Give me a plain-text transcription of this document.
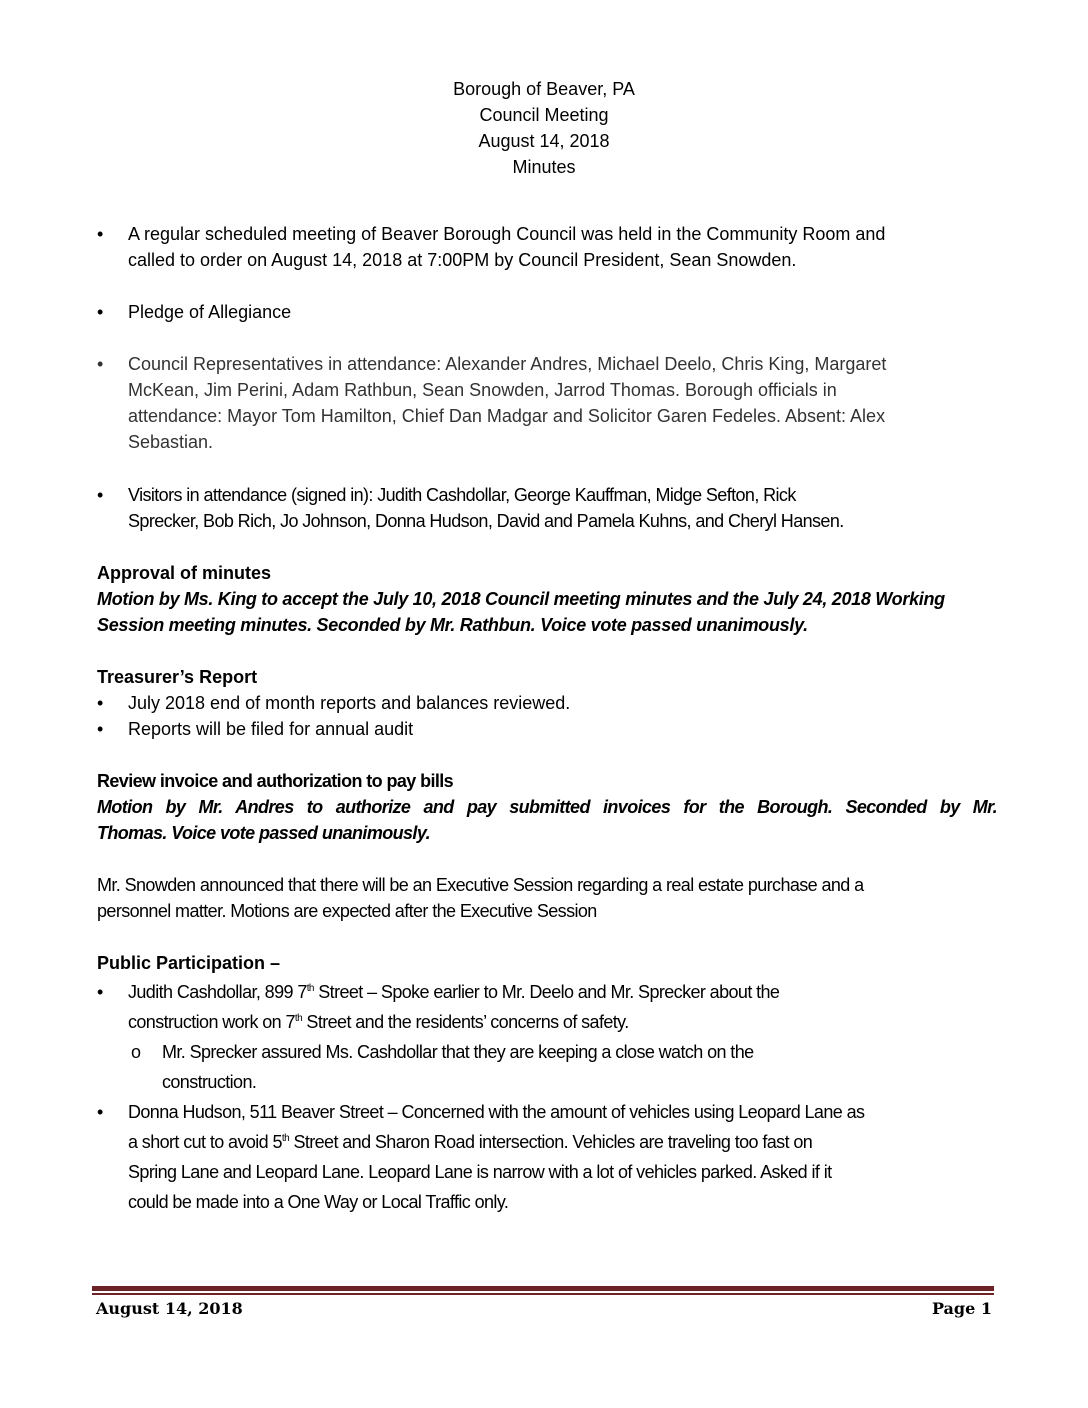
Borough of Beaver, PA
Council Meeting
August 14, 2018
Minutes
•	A regular scheduled meeting of Beaver Borough Council was held in the Community Room and
called to order on August 14, 2018 at 7:00PM by Council President, Sean Snowden.
•	Pledge of Allegiance
•	Council Representatives in attendance: Alexander Andres, Michael Deelo, Chris King, Margaret
McKean, Jim Perini, Adam Rathbun, Sean Snowden, Jarrod Thomas. Borough officials in
attendance: Mayor Tom Hamilton, Chief Dan Madgar and Solicitor Garen Fedeles. Absent: Alex
Sebastian.
•	Visitors in attendance (signed in): Judith Cashdollar, George Kauffman, Midge Sefton, Rick
Sprecker, Bob Rich, Jo Johnson, Donna Hudson, David and Pamela Kuhns, and Cheryl Hansen.
Approval of minutes
Motion by Ms. King to accept the July 10, 2018 Council meeting minutes and the July 24, 2018 Working
Session meeting minutes. Seconded by Mr. Rathbun. Voice vote passed unanimously.
Treasurer’s Report
•	July 2018 end of month reports and balances reviewed.
•	Reports will be filed for annual audit
Review invoice and authorization to pay bills
Motion by Mr. Andres to authorize and pay submitted invoices for the Borough. Seconded by Mr.
Thomas. Voice vote passed unanimously.
Mr. Snowden announced that there will be an Executive Session regarding a real estate purchase and a
personnel matter. Motions are expected after the Executive Session
Public Participation –
•	Judith Cashdollar, 899 7th Street – Spoke earlier to Mr. Deelo and Mr. Sprecker about the
construction work on 7th Street and the residents’ concerns of safety.
o Mr. Sprecker assured Ms. Cashdollar that they are keeping a close watch on the
construction.
•	Donna Hudson, 511 Beaver Street – Concerned with the amount of vehicles using Leopard Lane as
a short cut to avoid 5th Street and Sharon Road intersection. Vehicles are traveling too fast on
Spring Lane and Leopard Lane. Leopard Lane is narrow with a lot of vehicles parked. Asked if it
could be made into a One Way or Local Traffic only.
August 14, 2018	Page 1
